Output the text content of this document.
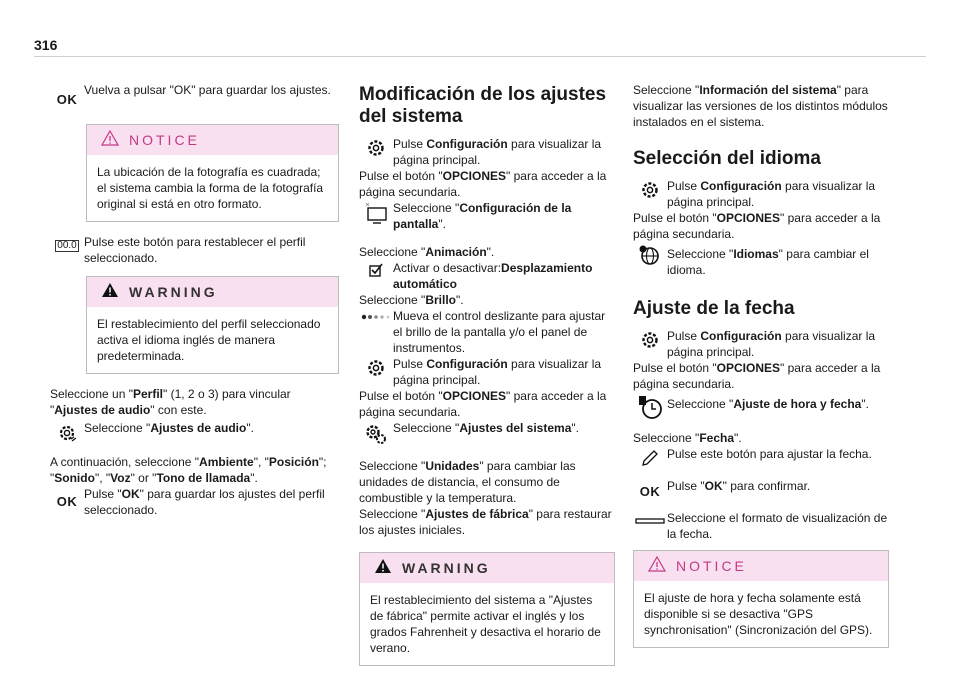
316
OK
Vuelva a pulsar "OK" para guardar los ajustes.
NOTICE
La ubicación de la fotografía es cuadrada; el sistema cambia la forma de la fotografía original si está en otro formato.
00.0 Pulse este botón para restablecer el perfil seleccionado.
WARNING
El restablecimiento del perfil seleccionado activa el idioma inglés de manera predeterminada.
Seleccione un "Perfil" (1, 2 o 3) para vincular "Ajustes de audio" con este.
Seleccione "Ajustes de audio".
A continuación, seleccione "Ambiente", "Posición"; "Sonido", "Voz" or "Tono de llamada".
OK Pulse "OK" para guardar los ajustes del perfil seleccionado.
Modificación de los ajustes del sistema
Pulse Configuración para visualizar la página principal.
Pulse el botón "OPCIONES" para acceder a la página secundaria.
Seleccione "Configuración de la pantalla".
Seleccione "Animación".
Activar o desactivar:Desplazamiento automático
Seleccione "Brillo".
Mueva el control deslizante para ajustar el brillo de la pantalla y/o el panel de instrumentos.
Pulse Configuración para visualizar la página principal.
Pulse el botón "OPCIONES" para acceder a la página secundaria.
Seleccione "Ajustes del sistema".
Seleccione "Unidades" para cambiar las unidades de distancia, el consumo de combustible y la temperatura.
Seleccione "Ajustes de fábrica" para restaurar los ajustes iniciales.
WARNING
El restablecimiento del sistema a "Ajustes de fábrica" permite activar el inglés y los grados Fahrenheit y desactiva el horario de verano.
Seleccione "Información del sistema" para visualizar las versiones de los distintos módulos instalados en el sistema.
Selección del idioma
Pulse Configuración para visualizar la página principal.
Pulse el botón "OPCIONES" para acceder a la página secundaria.
Seleccione "Idiomas" para cambiar el idioma.
Ajuste de la fecha
Pulse Configuración para visualizar la página principal.
Pulse el botón "OPCIONES" para acceder a la página secundaria.
Seleccione "Ajuste de hora y fecha".
Seleccione "Fecha".
Pulse este botón para ajustar la fecha.
OK Pulse "OK" para confirmar.
Seleccione el formato de visualización de la fecha.
NOTICE
El ajuste de hora y fecha solamente está disponible si se desactiva "GPS synchronisation" (Sincronización del GPS).
